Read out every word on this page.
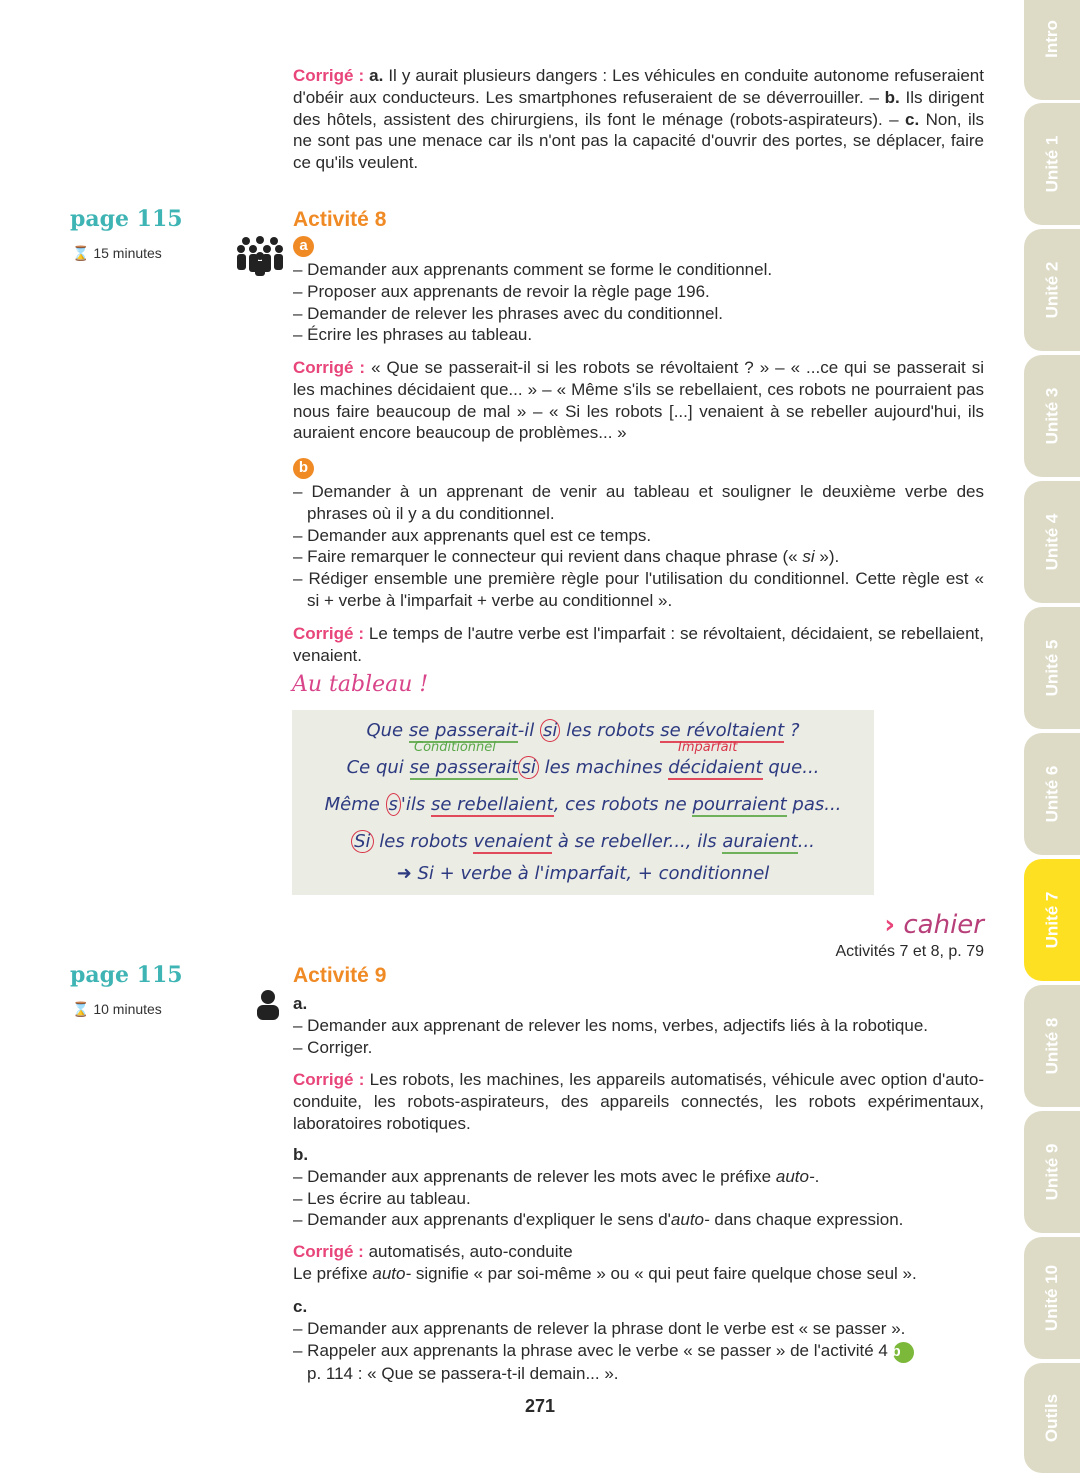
Corrigé : a. Il y aurait plusieurs dangers : Les véhicules en conduite autonome refuseraient d'obéir aux conducteurs. Les smartphones refuseraient de se déverrouiller. – b. Ils dirigent des hôtels, assistent des chirurgiens, ils font le ménage (robots-aspirateurs). – c. Non, ils ne sont pas une menace car ils n'ont pas la capacité d'ouvrir des portes, se déplacer, faire ce qu'ils veulent.
page 115
⌛ 15 minutes
Activité 8
a
– Demander aux apprenants comment se forme le conditionnel.
– Proposer aux apprenants de revoir la règle page 196.
– Demander de relever les phrases avec du conditionnel.
– Écrire les phrases au tableau.
Corrigé : « Que se passerait-il si les robots se révoltaient ? » – « ...ce qui se passerait si les machines décidaient que... » – « Même s'ils se rebellaient, ces robots ne pourraient pas nous faire beaucoup de mal » – « Si les robots [...] venaient à se rebeller aujourd'hui, ils auraient encore beaucoup de problèmes... »
b
– Demander à un apprenant de venir au tableau et souligner le deuxième verbe des phrases où il y a du conditionnel.
– Demander aux apprenants quel est ce temps.
– Faire remarquer le connecteur qui revient dans chaque phrase (« si »).
– Rédiger ensemble une première règle pour l'utilisation du conditionnel. Cette règle est « si + verbe à l'imparfait + verbe au conditionnel ».
Corrigé : Le temps de l'autre verbe est l'imparfait : se révoltaient, décidaient, se rebellaient, venaient.
Au tableau !
Que se passerait-il si les robots se révoltaient ?
Conditionnel	Imparfait
Ce qui se passerait si les machines décidaient que...
Même s 'ils se rebellaient, ces robots ne pourraient pas...
Si les robots venaient à se rebeller..., ils auraient...
➜ Si + verbe à l'imparfait, + conditionnel
› cahier
Activités 7 et 8, p. 79
page 115
⌛ 10 minutes
Activité 9
a.
– Demander aux apprenant de relever les noms, verbes, adjectifs liés à la robotique.
– Corriger.
Corrigé : Les robots, les machines, les appareils automatisés, véhicule avec option d'auto-conduite, les robots-aspirateurs, des appareils connectés, les robots expérimentaux, laboratoires robotiques.
b.
– Demander aux apprenants de relever les mots avec le préfixe auto-.
– Les écrire au tableau.
– Demander aux apprenants d'expliquer le sens d'auto- dans chaque expression.
Corrigé : automatisés, auto-conduite
Le préfixe auto- signifie « par soi-même » ou « qui peut faire quelque chose seul ».
c.
– Demander aux apprenants de relever la phrase dont le verbe est « se passer ».
– Rappeler aux apprenants la phrase avec le verbe « se passer » de l'activité 4 b
p. 114 : « Que se passera-t-il demain... ».
271
Intro
Unité 1
Unité 2
Unité 3
Unité 4
Unité 5
Unité 6
Unité 7
Unité 8
Unité 9
Unité 10
Outils
